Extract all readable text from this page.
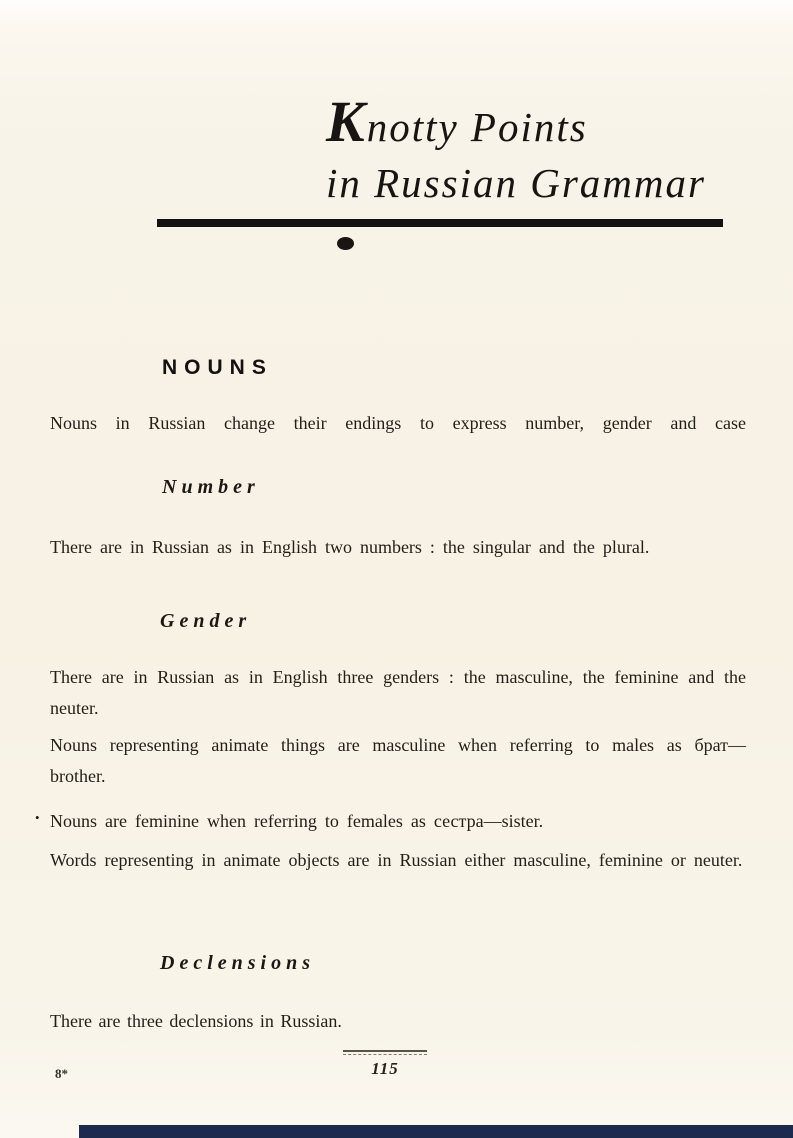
Knotty Points
in Russian Grammar
NOUNS

Nouns in Russian change their endings to express number, gender and case

Number

There are in Russian as in English two numbers : the singular and the plural.

Gender

There are in Russian as in English three genders : the masculine, the feminine and the neuter.

Nouns representing animate things are masculine when referring to males as брат—brother.

• Nouns are feminine when referring to females as сестра—sister.

Words representing in animate objects are in Russian either masculine, feminine or neuter.

Declensions

There are three declensions in Russian.

8*	115
